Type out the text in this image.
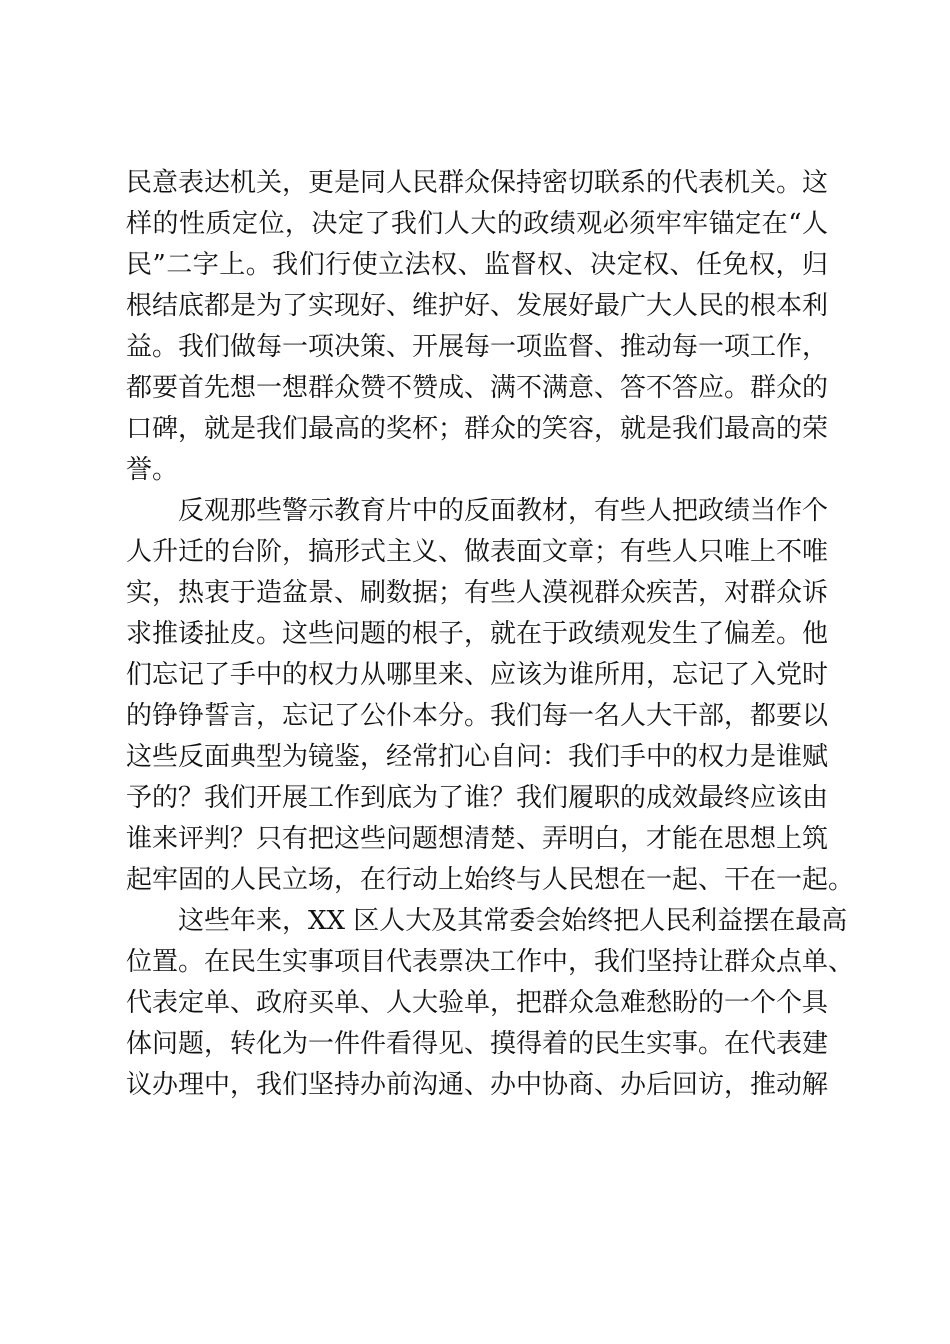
民意表达机关，更是同人民群众保持密切联系的代表机关。这
样的性质定位，决定了我们人大的政绩观必须牢牢锚定在“人
民”二字上。我们行使立法权、监督权、决定权、任免权，归
根结底都是为了实现好、维护好、发展好最广大人民的根本利
益。我们做每一项决策、开展每一项监督、推动每一项工作，
都要首先想一想群众赞不赞成、满不满意、答不答应。群众的
口碑，就是我们最高的奖杯；群众的笑容，就是我们最高的荣
誉。
反观那些警示教育片中的反面教材，有些人把政绩当作个
人升迁的台阶，搞形式主义、做表面文章；有些人只唯上不唯
实，热衷于造盆景、刷数据；有些人漠视群众疾苦，对群众诉
求推诿扯皮。这些问题的根子，就在于政绩观发生了偏差。他
们忘记了手中的权力从哪里来、应该为谁所用，忘记了入党时
的铮铮誓言，忘记了公仆本分。我们每一名人大干部，都要以
这些反面典型为镜鉴，经常扪心自问：我们手中的权力是谁赋
予的？我们开展工作到底为了谁？我们履职的成效最终应该由
谁来评判？只有把这些问题想清楚、弄明白，才能在思想上筑
起牢固的人民立场，在行动上始终与人民想在一起、干在一起。
这些年来，XX 区人大及其常委会始终把人民利益摆在最高
位置。在民生实事项目代表票决工作中，我们坚持让群众点单、
代表定单、政府买单、人大验单，把群众急难愁盼的一个个具
体问题，转化为一件件看得见、摸得着的民生实事。在代表建
议办理中，我们坚持办前沟通、办中协商、办后回访，推动解
